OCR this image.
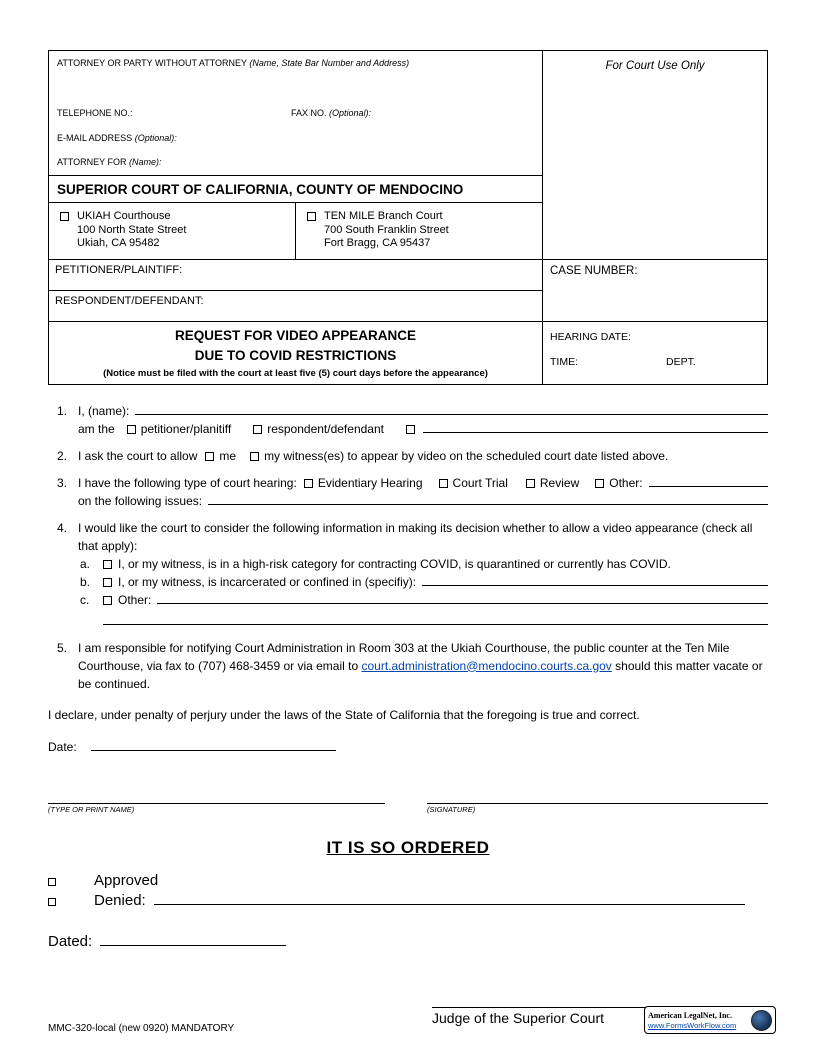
ATTORNEY OR PARTY WITHOUT ATTORNEY (Name, State Bar Number and Address)
TELEPHONE NO.:	FAX NO. (Optional):
E-MAIL ADDRESS (Optional):
ATTORNEY FOR (Name):
SUPERIOR COURT OF CALIFORNIA, COUNTY OF MENDOCINO
UKIAH Courthouse
100 North State Street
Ukiah, CA 95482
TEN MILE Branch Court
700 South Franklin Street
Fort Bragg, CA 95437
For Court Use Only
PETITIONER/PLAINTIFF:
RESPONDENT/DEFENDANT:
CASE NUMBER:
REQUEST FOR VIDEO APPEARANCE
DUE TO COVID RESTRICTIONS
(Notice must be filed with the court at least five (5) court days before the appearance)
HEARING DATE:
TIME:	DEPT.
1. I, (name):
am the petitioner/planitiff	respondent/defendant
2. I ask the court to allow me my witness(es) to appear by video on the scheduled court date listed above.
3. I have the following type of court hearing: Evidentiary Hearing	Court Trial	Review	Other:
on the following issues:
4. I would like the court to consider the following information in making its decision whether to allow a video appearance (check all that apply):
a.	I, or my witness, is in a high-risk category for contracting COVID, is quarantined or currently has COVID.
b.	I, or my witness, is incarcerated or confined in (specifiy):
c.	Other:
5. I am responsible for notifying Court Administration in Room 303 at the Ukiah Courthouse, the public counter at the Ten Mile Courthouse, via fax to (707) 468-3459 or via email to court.administration@mendocino.courts.ca.gov should this matter vacate or be continued.
I declare, under penalty of perjury under the laws of the State of California that the foregoing is true and correct.
Date:
(TYPE OR PRINT NAME)	(SIGNATURE)
IT IS SO ORDERED
Approved
Denied:
Dated:
Judge of the Superior Court
MMC-320-local (new 0920) MANDATORY
American LegalNet, Inc.
www.FormsWorkFlow.com
